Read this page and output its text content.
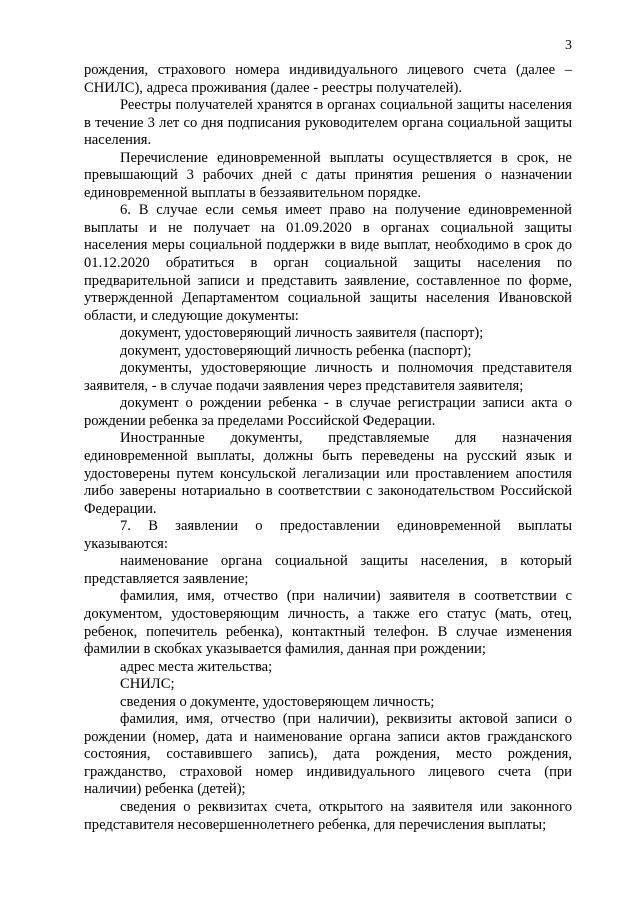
3

рождения, страхового номера индивидуального лицевого счета (далее – СНИЛС), адреса проживания (далее - реестры получателей).

Реестры получателей хранятся в органах социальной защиты населения в течение 3 лет со дня подписания руководителем органа социальной защиты населения.

Перечисление единовременной выплаты осуществляется в срок, не превышающий 3 рабочих дней с даты принятия решения о назначении единовременной выплаты в беззаявительном порядке.

6. В случае если семья имеет право на получение единовременной выплаты и не получает на 01.09.2020 в органах социальной защиты населения меры социальной поддержки в виде выплат, необходимо в срок до 01.12.2020 обратиться в орган социальной защиты населения по предварительной записи и представить заявление, составленное по форме, утвержденной Департаментом социальной защиты населения Ивановской области, и следующие документы:

документ, удостоверяющий личность заявителя (паспорт);

документ, удостоверяющий личность ребенка (паспорт);

документы, удостоверяющие личность и полномочия представителя заявителя, - в случае подачи заявления через представителя заявителя;

документ о рождении ребенка - в случае регистрации записи акта о рождении ребенка за пределами Российской Федерации.

Иностранные документы, представляемые для назначения единовременной выплаты, должны быть переведены на русский язык и удостоверены путем консульской легализации или проставлением апостиля либо заверены нотариально в соответствии с законодательством Российской Федерации.

7. В заявлении о предоставлении единовременной выплаты указываются:

наименование органа социальной защиты населения, в который представляется заявление;

фамилия, имя, отчество (при наличии) заявителя в соответствии с документом, удостоверяющим личность, а также его статус (мать, отец, ребенок, попечитель ребенка), контактный телефон. В случае изменения фамилии в скобках указывается фамилия, данная при рождении;

адрес места жительства;

СНИЛС;

сведения о документе, удостоверяющем личность;

фамилия, имя, отчество (при наличии), реквизиты актовой записи о рождении (номер, дата и наименование органа записи актов гражданского состояния, составившего запись), дата рождения, место рождения, гражданство, страховой номер индивидуального лицевого счета (при наличии) ребенка (детей);

сведения о реквизитах счета, открытого на заявителя или законного представителя несовершеннолетнего ребенка, для перечисления выплаты;
